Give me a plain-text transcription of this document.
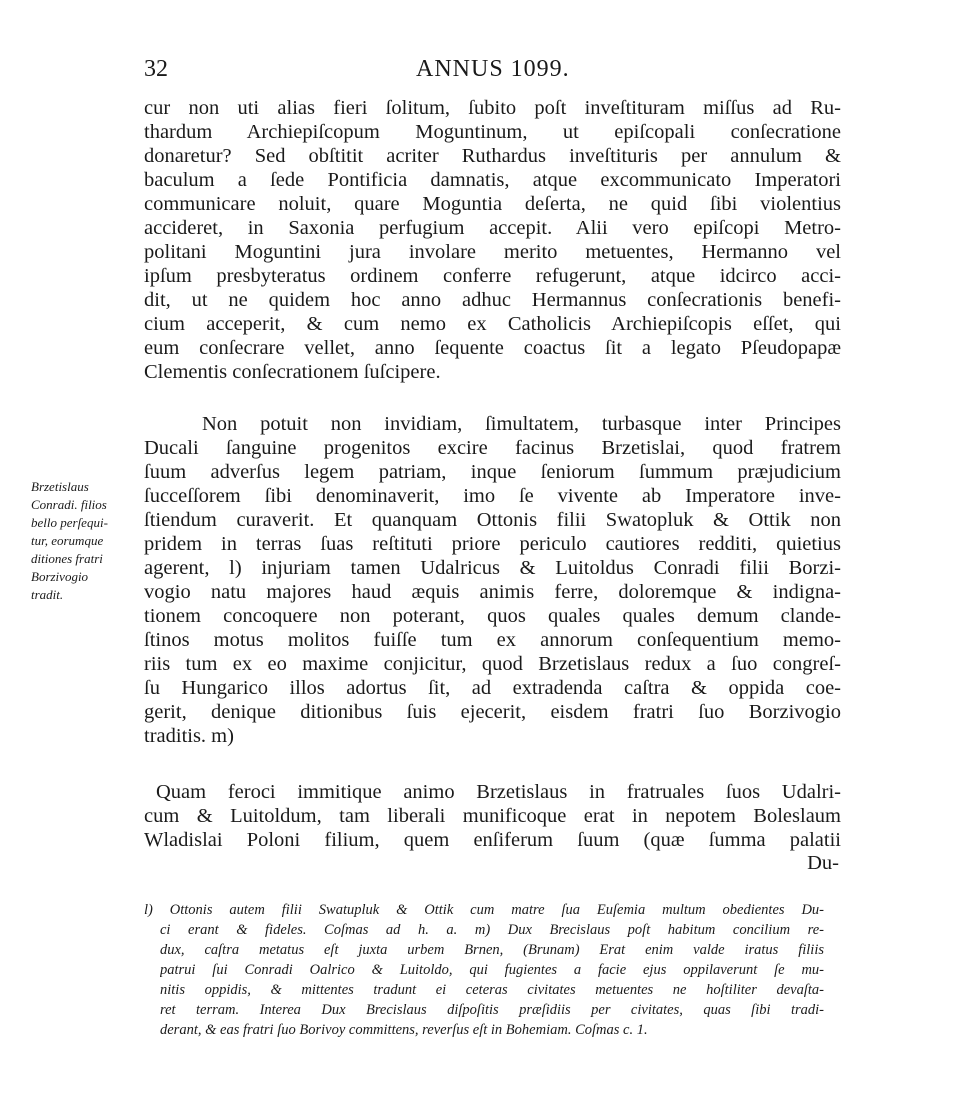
32	ANNUS 1099.
cur non uti alias fieri ſolitum, ſubito poſt inveſtituram miſſus ad Ru-
thardum Archiepiſcopum Moguntinum, ut epiſcopali conſecratione
donaretur? Sed obſtitit acriter Ruthardus inveſtituris per annulum &
baculum a ſede Pontificia damnatis, atque excommunicato Imperatori
communicare noluit, quare Moguntia deſerta, ne quid ſibi violentius
accideret, in Saxonia perfugium accepit. Alii vero epiſcopi Metro-
politani Moguntini jura involare merito metuentes, Hermanno vel
ipſum presbyteratus ordinem conferre refugerunt, atque idcirco acci-
dit, ut ne quidem hoc anno adhuc Hermannus conſecrationis benefi-
cium acceperit, & cum nemo ex Catholicis Archiepiſcopis eſſet, qui
eum conſecrare vellet, anno ſequente coactus ſit a legato Pſeudopapæ
Clementis conſecrationem ſuſcipere.
Non potuit non invidiam, ſimultatem, turbasque inter Principes
Ducali ſanguine progenitos excire facinus Brzetislai, quod fratrem
ſuum adverſus legem patriam, inque ſeniorum ſummum præjudicium
ſucceſſorem ſibi denominaverit, imo ſe vivente ab Imperatore inve-
ſtiendum curaverit. Et quanquam Ottonis filii Swatopluk & Ottik non
pridem in terras ſuas reſtituti priore periculo cautiores redditi, quietius
agerent, l) injuriam tamen Udalricus & Luitoldus Conradi filii Borzi-
vogio natu majores haud æquis animis ferre, doloremque & indigna-
tionem concoquere non poterant, quos quales quales demum clande-
ſtinos motus molitos fuiſſe tum ex annorum conſequentium memo-
riis tum ex eo maxime conjicitur, quod Brzetislaus redux a ſuo congreſ-
ſu Hungarico illos adortus ſit, ad extradenda caſtra & oppida coe-
gerit, denique ditionibus ſuis ejecerit, eisdem fratri ſuo Borzivogio
traditis. m)
Brzetislaus
Conradi. filios
bello perſequi-
tur, eorumque
ditiones fratri
Borzivogio
tradit.
Quam feroci immitique animo Brzetislaus in fratruales ſuos Udalri-
cum & Luitoldum, tam liberali munificoque erat in nepotem Boleslaum
Wladislai Poloni filium, quem enſiferum ſuum (quæ ſumma palatii
Du-
l) Ottonis autem filii Swatupluk & Ottik cum matre ſua Euſemia multum obedientes Du-
ci erant & fideles. Coſmas ad h. a. m) Dux Brecislaus poſt habitum concilium re-
dux, caſtra metatus eſt juxta urbem Brnen, (Brunam) Erat enim valde iratus filiis
patrui ſui Conradi Oalrico & Luitoldo, qui fugientes a facie ejus oppilaverunt ſe mu-
nitis oppidis, & mittentes tradunt ei ceteras civitates metuentes ne hoſtiliter devaſta-
ret terram. Interea Dux Brecislaus diſpoſitis præſidiis per civitates, quas ſibi tradi-
derant, & eas fratri ſuo Borivoy committens, reverſus eſt in Bohemiam. Coſmas c. 1.
